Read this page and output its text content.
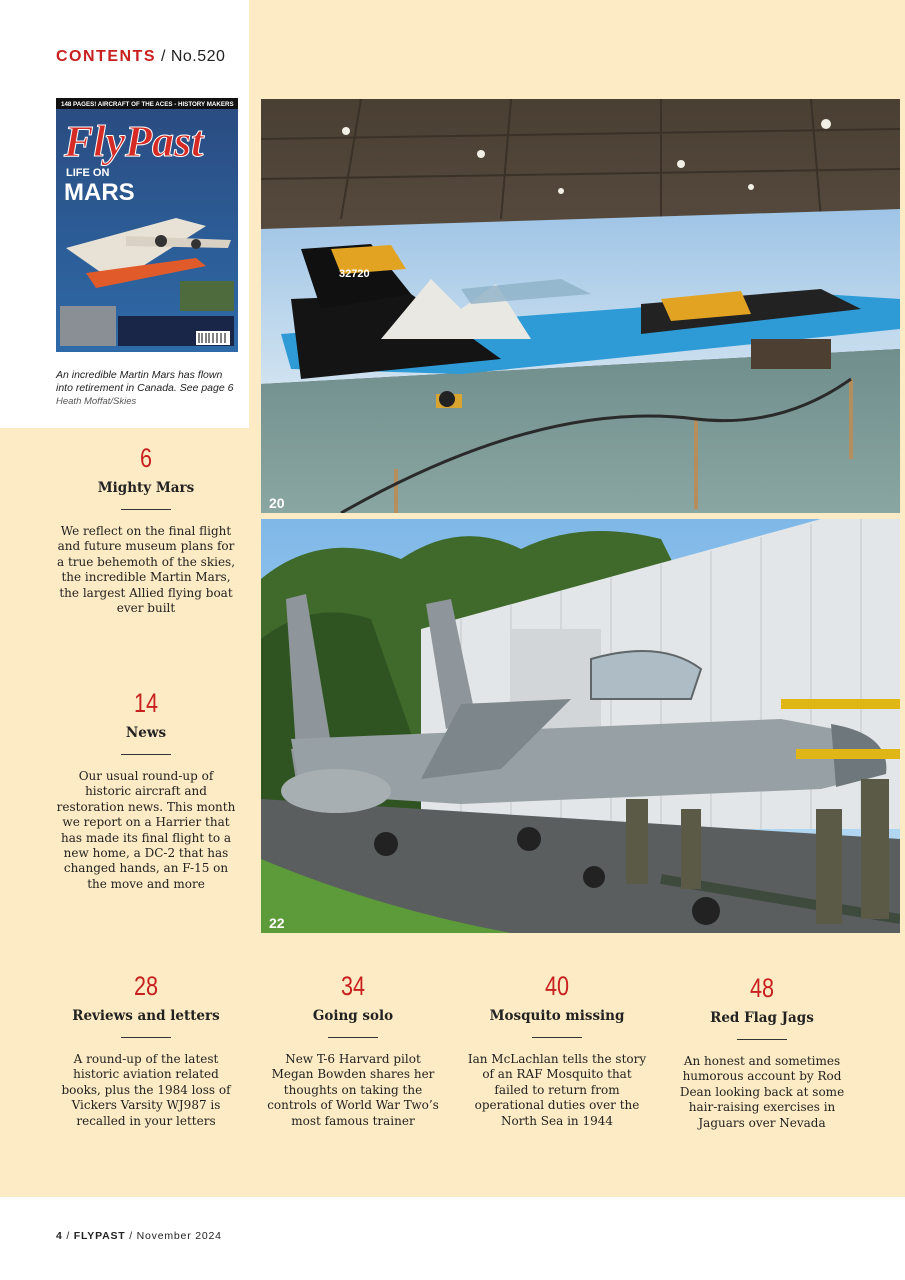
CONTENTS / No.520
148 PAGES! AIRCRAFT OF THE ACES - HISTORY MAKERS
FlyPast
LIFE ON
MARS
An incredible Martin Mars has flown into retirement in Canada. See page 6
Heath Moffat/Skies
32720
20
22
6
Mighty Mars
We reflect on the final flight and future museum plans for a true behemoth of the skies, the incredible Martin Mars, the largest Allied flying boat ever built
14
News
Our usual round-up of historic aircraft and restoration news. This month we report on a Harrier that has made its final flight to a new home, a DC-2 that has changed hands, an F-15 on the move and more
28
Reviews and letters
A round-up of the latest historic aviation related books, plus the 1984 loss of Vickers Varsity WJ987 is recalled in your letters
34
Going solo
New T-6 Harvard pilot Megan Bowden shares her thoughts on taking the controls of World War Two’s most famous trainer
40
Mosquito missing
Ian McLachlan tells the story of an RAF Mosquito that failed to return from operational duties over the North Sea in 1944
48
Red Flag Jags
An honest and sometimes humorous account by Rod Dean looking back at some hair-raising exercises in Jaguars over Nevada
4 / FLYPAST / November 2024
